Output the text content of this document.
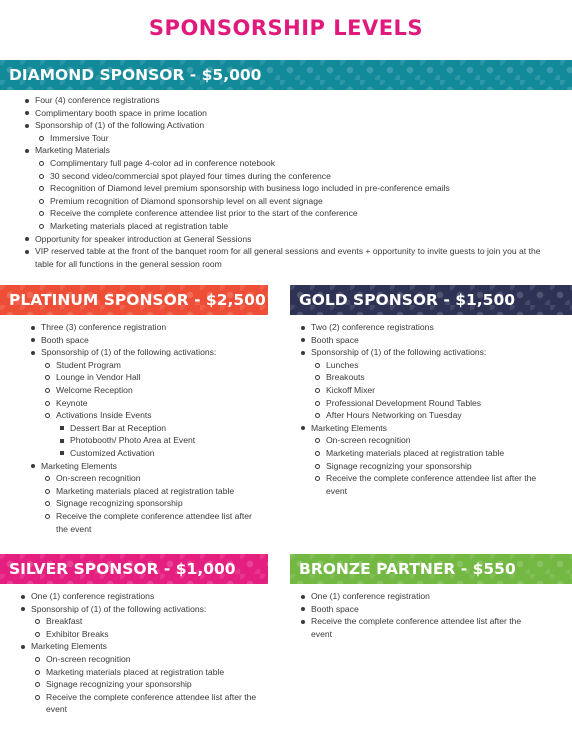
SPONSORSHIP LEVELS
DIAMOND SPONSOR - $5,000
Four (4) conference registrations
Complimentary booth space in prime location
Sponsorship of (1) of the following Activation
Immersive Tour
Marketing Materials
Complimentary full page 4-color ad in conference notebook
30 second video/commercial spot played four times during the conference
Recognition of Diamond level premium sponsorship with business logo included in pre-conference emails
Premium recognition of Diamond sponsorship level on all event signage
Receive the complete conference attendee list prior to the start of the conference
Marketing materials placed at registration table
Opportunity for speaker introduction at General Sessions
VIP reserved table at the front of the banquet room for all general sessions and events + opportunity to invite guests to join you at the table for all functions in the general session room
PLATINUM SPONSOR - $2,500
Three (3) conference registration
Booth space
Sponsorship of (1) of the following activations:
Student Program
Lounge in Vendor Hall
Welcome Reception
Keynote
Activations Inside Events
Dessert Bar at Reception
Photobooth/ Photo Area at Event
Customized Activation
Marketing Elements
On-screen recognition
Marketing materials placed at registration table
Signage recognizing sponsorship
Receive the complete conference attendee list after the event
GOLD SPONSOR - $1,500
Two (2) conference registrations
Booth space
Sponsorship of (1) of the following activations:
Lunches
Breakouts
Kickoff Mixer
Professional Development Round Tables
After Hours Networking on Tuesday
Marketing Elements
On-screen recognition
Marketing materials placed at registration table
Signage recognizing your sponsorship
Receive the complete conference attendee list after the event
SILVER SPONSOR - $1,000
One (1) conference registrations
Sponsorship of (1) of the following activations:
Breakfast
Exhibitor Breaks
Marketing Elements
On-screen recognition
Marketing materials placed at registration table
Signage recognizing your sponsorship
Receive the complete conference attendee list after the event
BRONZE PARTNER - $550
One (1) conference registration
Booth space
Receive the complete conference attendee list after the event
